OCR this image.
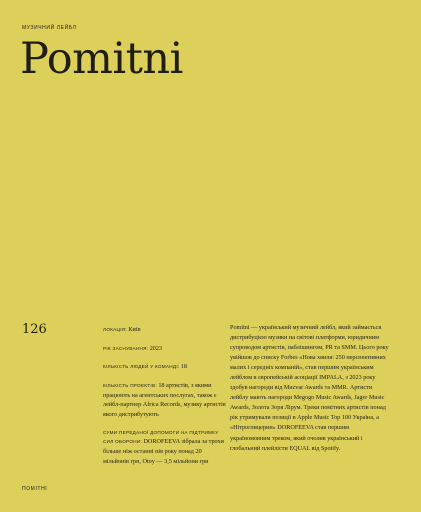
МУЗИЧНИЙ ЛЕЙБЛ
Pomitni
126	ЛОКАЦІЯ: Київ

РІК ЗАСНУВАННЯ: 2023

КІЛЬКІСТЬ ЛЮДЕЙ У КОМАНДІ: 18

КІЛЬКІСТЬ ПРОЕКТІВ: 18 артистів, з якими працюють на агентських послугах, також є лейбл-партнер Africa Records, музику артистів якого дистрибутують

СУМИ ПЕРЕДАНОЇ ДОПОМОГИ НА ПІДТРИМКУ СИЛ ОБОРОНИ: DOROFEEVA зібрала за трохи більше ніж останні пів року понад 20 мільйонів грн, Otoy — 3,5 мільйони грн

Pomitni — український музичний лейбл, який займається дистрибуцією музики на світові платформи, юридичним супроводом артистів, паблішингом, PR та SMM. Цього року увійшов до списку Forbes «Нова хвиля: 250 перспективних малих і середніх компаній», став першим українським лейблом в європейській асоціації IMPALA, з 2023 року здобув нагороди від Muzvar Awards та MMR. Артисти лейблу мають нагороди Megogo Music Awards, Jager Music Awards, Золота Зоря Лірум. Треки помітних артистів понад рік утримували позиції в Apple Music Top 100 Україна, а «Нітроглицерин» DOROFEEVA став першим україномовним треком, який очолив український і глобальний плейлісти EQUAL від Spotify.

ПОМІТНІ
